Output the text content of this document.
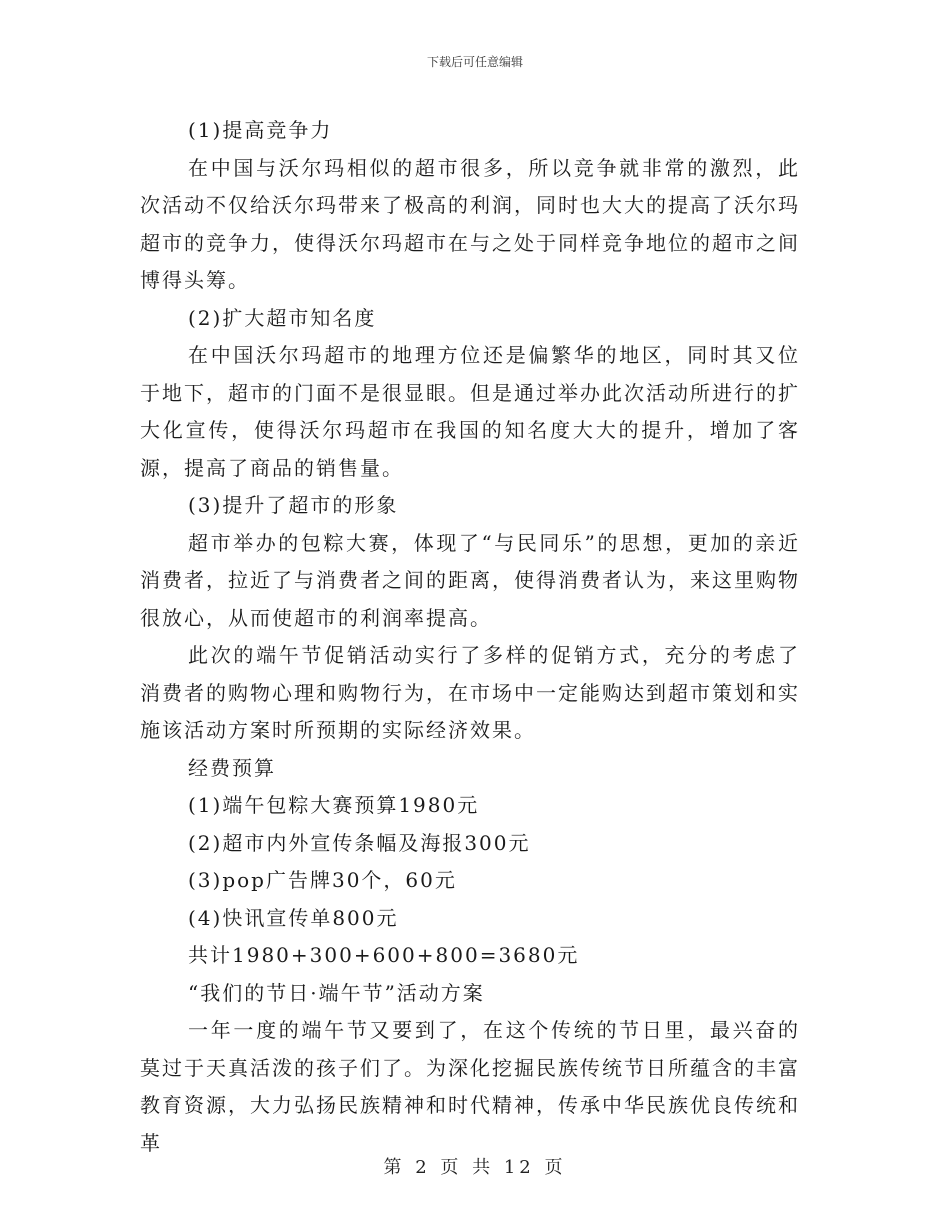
下载后可任意编辑

(1)提高竞争力

在中国与沃尔玛相似的超市很多，所以竞争就非常的激烈，此次活动不仅给沃尔玛带来了极高的利润，同时也大大的提高了沃尔玛超市的竞争力，使得沃尔玛超市在与之处于同样竞争地位的超市之间博得头筹。

(2)扩大超市知名度

在中国沃尔玛超市的地理方位还是偏繁华的地区，同时其又位于地下，超市的门面不是很显眼。但是通过举办此次活动所进行的扩大化宣传，使得沃尔玛超市在我国的知名度大大的提升，增加了客源，提高了商品的销售量。

(3)提升了超市的形象

超市举办的包粽大赛，体现了“与民同乐”的思想，更加的亲近消费者，拉近了与消费者之间的距离，使得消费者认为，来这里购物很放心，从而使超市的利润率提高。

此次的端午节促销活动实行了多样的促销方式，充分的考虑了消费者的购物心理和购物行为，在市场中一定能购达到超市策划和实施该活动方案时所预期的实际经济效果。

经费预算

(1)端午包粽大赛预算1980元

(2)超市内外宣传条幅及海报300元

(3)pop广告牌30个，60元

(4)快讯宣传单800元

共计1980+300+600+800=3680元

“我们的节日·端午节”活动方案

一年一度的端午节又要到了，在这个传统的节日里，最兴奋的莫过于天真活泼的孩子们了。为深化挖掘民族传统节日所蕴含的丰富教育资源，大力弘扬民族精神和时代精神，传承中华民族优良传统和革

第 2 页 共 12 页
